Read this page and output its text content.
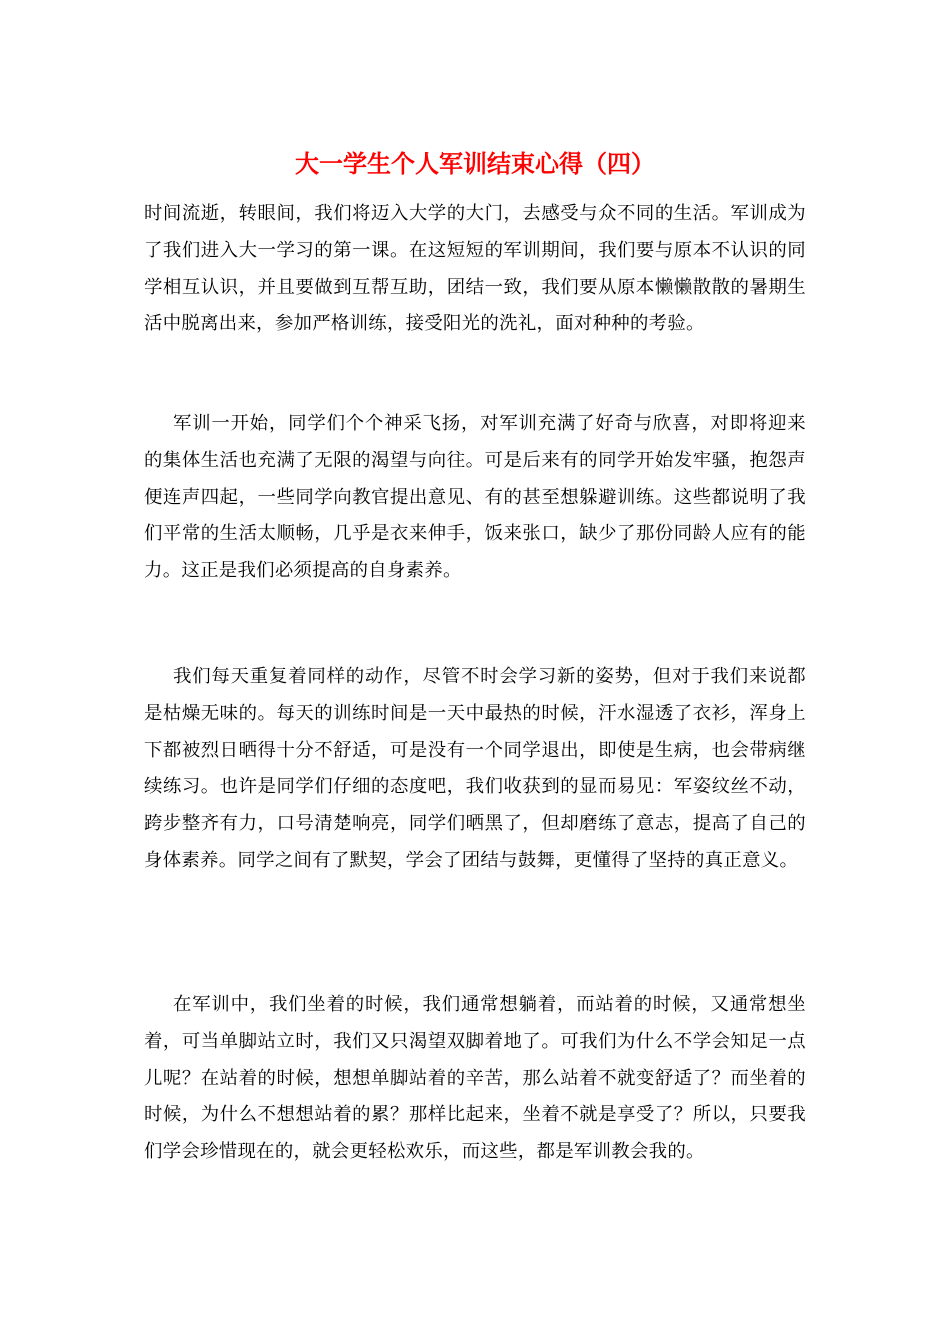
大一学生个人军训结束心得（四）

时间流逝，转眼间，我们将迈入大学的大门，去感受与众不同的生活。军训成为了我们进入大一学习的第一课。在这短短的军训期间，我们要与原本不认识的同学相互认识，并且要做到互帮互助，团结一致，我们要从原本懒懒散散的暑期生活中脱离出来，参加严格训练，接受阳光的洗礼，面对种种的考验。

军训一开始，同学们个个神采飞扬，对军训充满了好奇与欣喜，对即将迎来的集体生活也充满了无限的渴望与向往。可是后来有的同学开始发牢骚，抱怨声便连声四起，一些同学向教官提出意见、有的甚至想躲避训练。这些都说明了我们平常的生活太顺畅，几乎是衣来伸手，饭来张口，缺少了那份同龄人应有的能力。这正是我们必须提高的自身素养。

我们每天重复着同样的动作，尽管不时会学习新的姿势，但对于我们来说都是枯燥无味的。每天的训练时间是一天中最热的时候，汗水湿透了衣衫，浑身上下都被烈日晒得十分不舒适，可是没有一个同学退出，即使是生病，也会带病继续练习。也许是同学们仔细的态度吧，我们收获到的显而易见：军姿纹丝不动，跨步整齐有力，口号清楚响亮，同学们晒黑了，但却磨练了意志，提高了自己的身体素养。同学之间有了默契，学会了团结与鼓舞，更懂得了坚持的真正意义。

在军训中，我们坐着的时候，我们通常想躺着，而站着的时候，又通常想坐着，可当单脚站立时，我们又只渴望双脚着地了。可我们为什么不学会知足一点儿呢？在站着的时候，想想单脚站着的辛苦，那么站着不就变舒适了？而坐着的时候，为什么不想想站着的累？那样比起来，坐着不就是享受了？所以，只要我们学会珍惜现在的，就会更轻松欢乐，而这些，都是军训教会我的。
